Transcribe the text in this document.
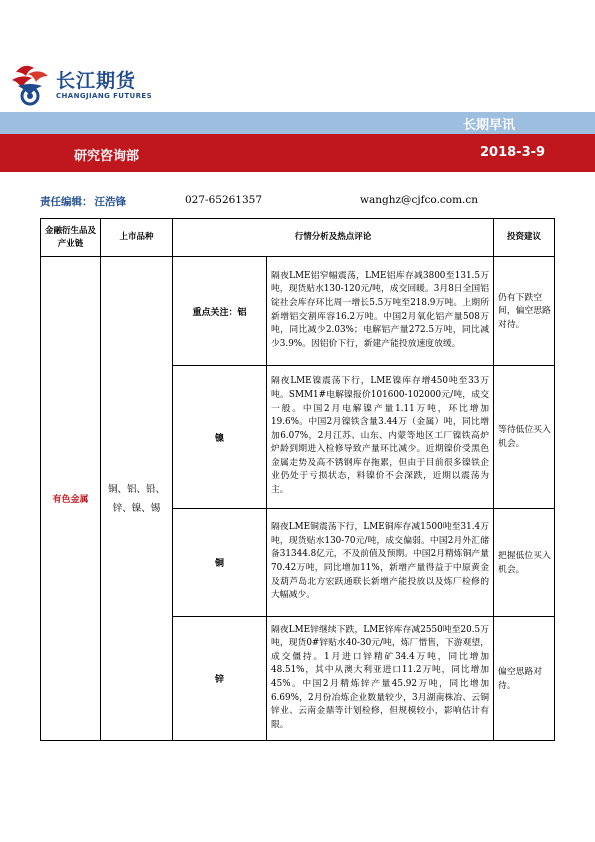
长江期货
CHANGJIANG FUTURES
长期早讯
研究咨询部	2018-3-9
责任编辑： 汪浩锋	027-65261357	wanghz@cjfco.com.cn
金融衍生品及产业链	上市品种	行情分析及热点评论		投资建议
有色金属	铜、铝、铅、锌、镍、锡	重点关注：铝	隔夜LME铝窄幅震荡，LME铝库存减3800至131.5万吨，现货贴水130-120元/吨，成交回暖。3月8日全国铝锭社会库存环比周一增长5.5万吨至218.9万吨。上期所新增铝交割库容16.2万吨。中国2月氧化铝产量508万吨，同比减少2.03%；电解铝产量272.5万吨，同比减少3.9%。因铝价下行，新建产能投放速度放缓。	仍有下跌空间，偏空思路对待。
		镍	隔夜LME镍震荡下行，LME镍库存增450吨至33万吨。SMM1#电解镍报价101600-102000元/吨，成交一般。中国2月电解镍产量1.11万吨，环比增加19.6%。中国2月镍铁含量3.44万（金属）吨，同比增加6.07%，2月江苏、山东、内蒙等地区工厂镍铁高炉炉龄到期进入检修导致产量环比减少。近期镍价受黑色金属走势及高不锈钢库存拖累，但由于目前很多镍铁企业仍处于亏损状态，料镍价不会深跌，近期以震荡为主。	等待低位买入机会。
		铜	隔夜LME铜震荡下行，LME铜库存减1500吨至31.4万吨，现货贴水130-70元/吨，成交偏弱。中国2月外汇储备31344.8亿元，不及前值及预期。中国2月精炼铜产量70.42万吨，同比增加11%，新增产量得益于中原黄金及葫芦岛北方宏跃通联长新增产能投放以及炼厂检修的大幅减少。	把握低位买入机会。
		锌	隔夜LME锌继续下跌，LME锌库存减2550吨至20.5万吨，现货0#锌贴水40-30元/吨，炼厂惜售，下游观望，成交僵持。1月进口锌精矿34.4万吨，同比增加48.51%，其中从澳大利亚进口11.2万吨，同比增加45%。中国2月精炼锌产量45.92万吨，同比增加6.69%，2月份冶炼企业数量较少，3月湖南株冶、云铜锌业、云南金鼎等计划检修，但规模较小，影响估计有限。	偏空思路对待。
